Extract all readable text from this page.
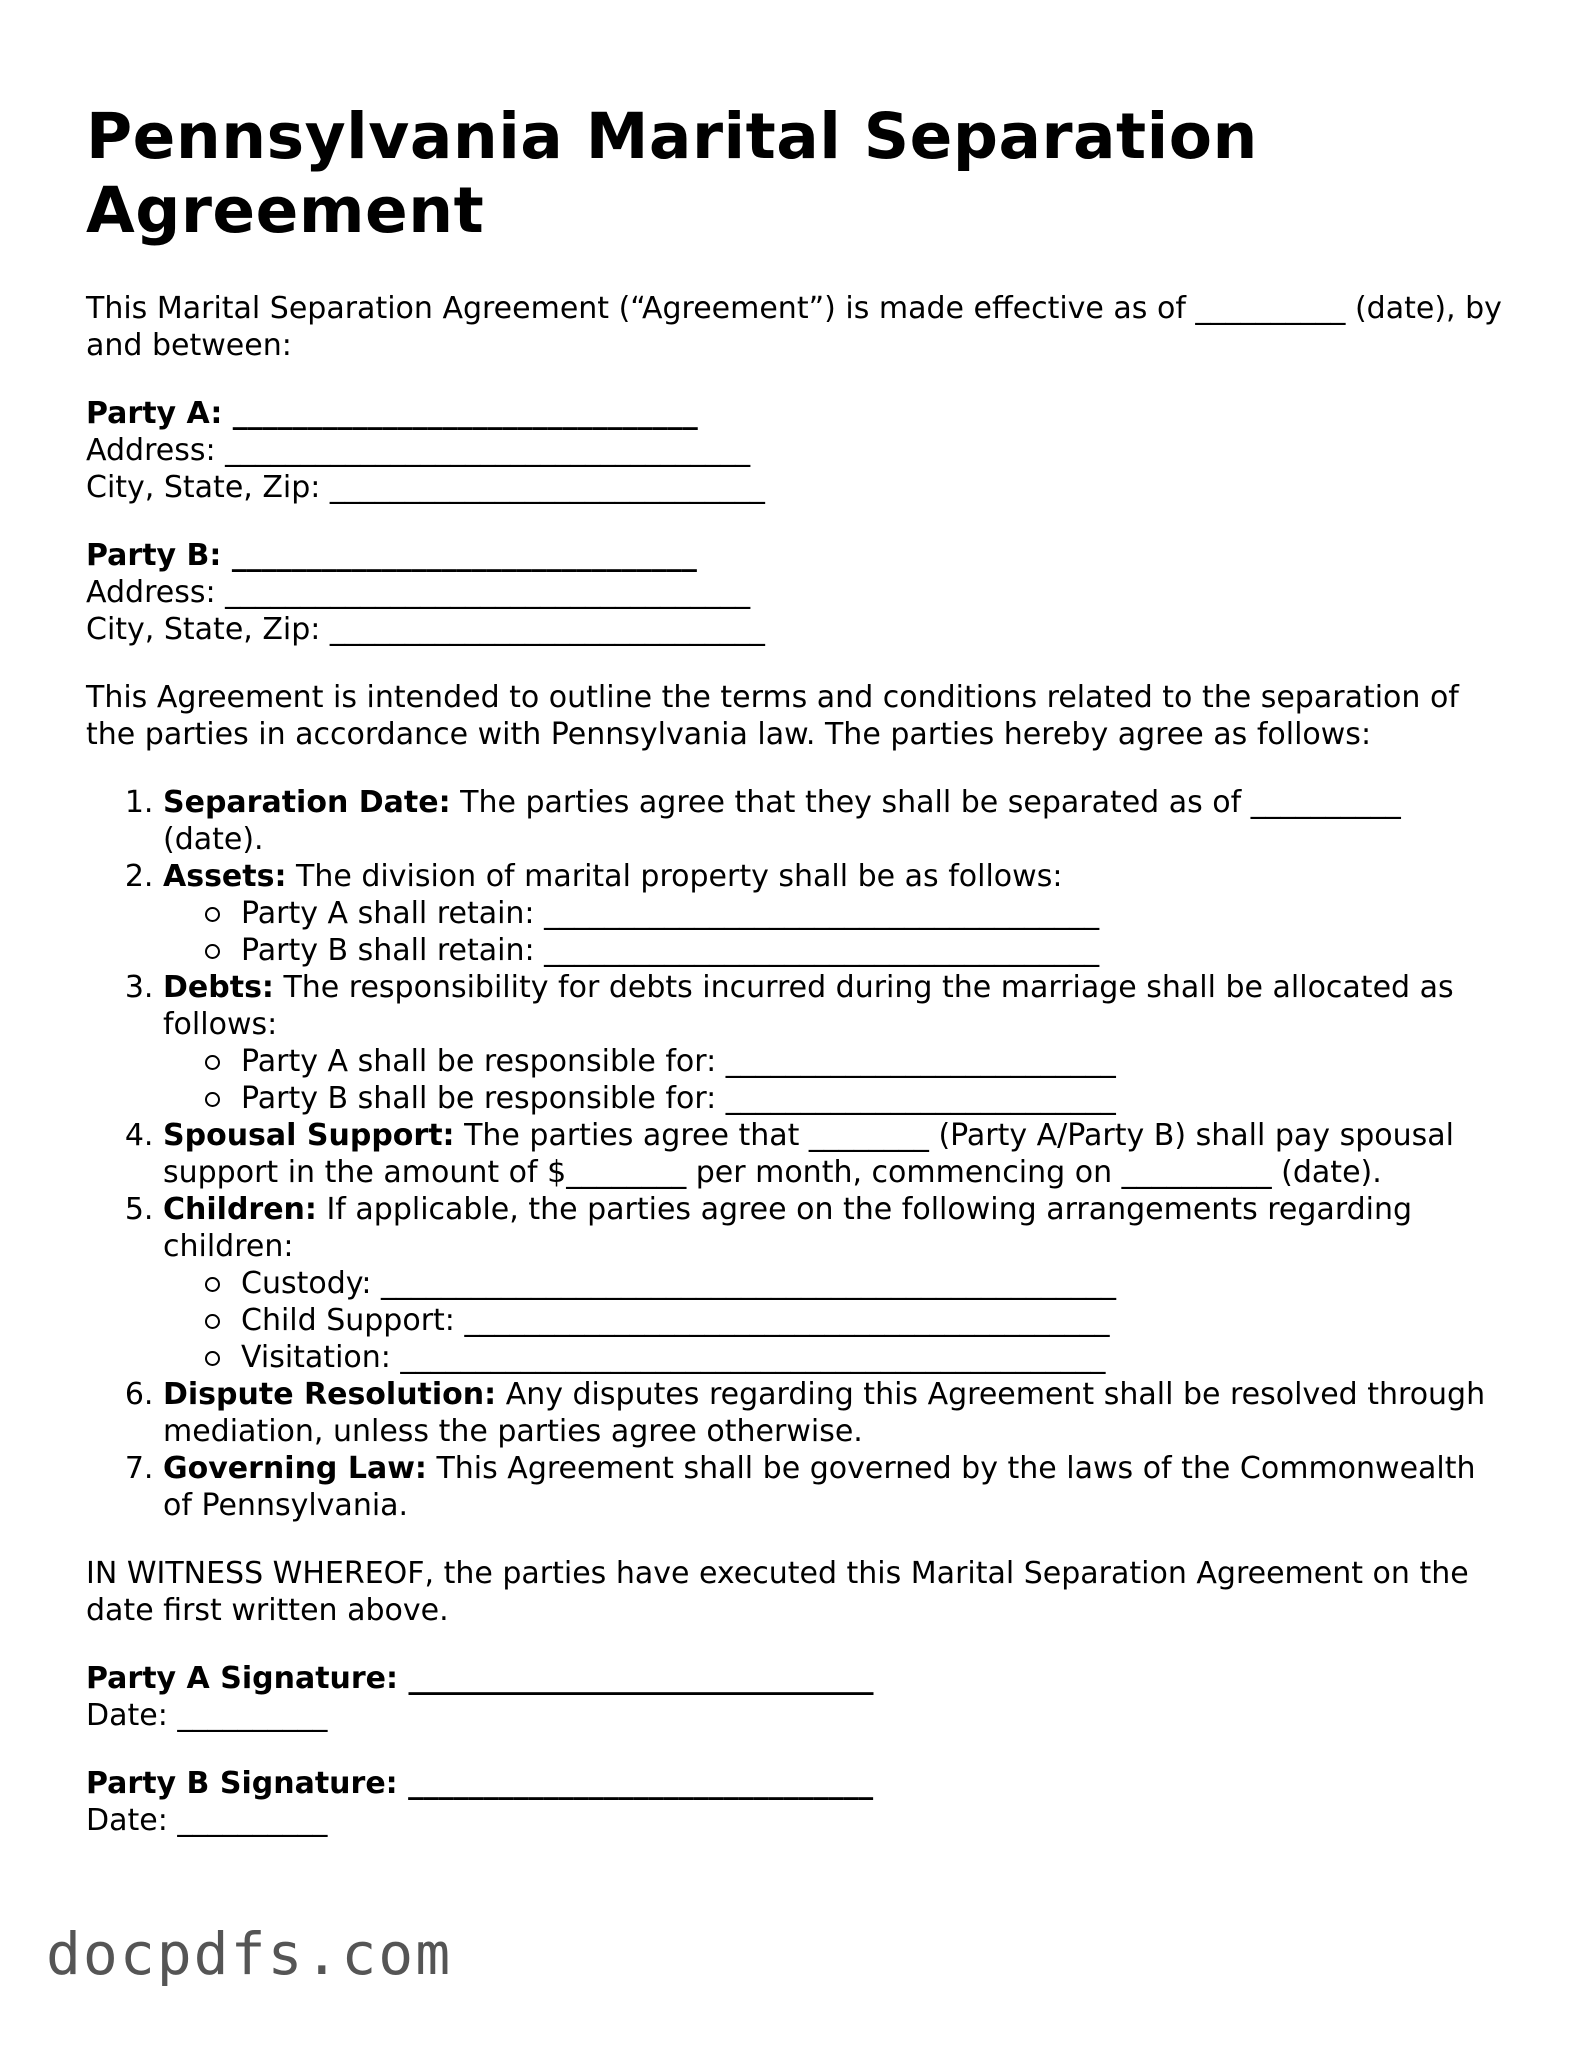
Pennsylvania Marital Separation Agreement

This Marital Separation Agreement (“Agreement”) is made effective as of __________ (date), by and between:

Party A: _______________________________
Address: ___________________________________
City, State, Zip: _____________________________
Party B: _______________________________
Address: ___________________________________
City, State, Zip: _____________________________

This Agreement is intended to outline the terms and conditions related to the separation of the parties in accordance with Pennsylvania law. The parties hereby agree as follows:

1. Separation Date: The parties agree that they shall be separated as of __________ (date).
2. Assets: The division of marital property shall be as follows:
Party A shall retain: _____________________________________
Party B shall retain: _____________________________________
3. Debts: The responsibility for debts incurred during the marriage shall be allocated as follows:
Party A shall be responsible for: __________________________
Party B shall be responsible for: __________________________
4. Spousal Support: The parties agree that ________ (Party A/Party B) shall pay spousal support in the amount of $________ per month, commencing on __________ (date).
5. Children: If applicable, the parties agree on the following arrangements regarding children:
Custody: _________________________________________________
Child Support: ___________________________________________
Visitation: _______________________________________________
6. Dispute Resolution: Any disputes regarding this Agreement shall be resolved through mediation, unless the parties agree otherwise.
7. Governing Law: This Agreement shall be governed by the laws of the Commonwealth of Pennsylvania.

IN WITNESS WHEREOF, the parties have executed this Marital Separation Agreement on the date first written above.

Party A Signature: _______________________________
Date: __________
Party B Signature: _______________________________
Date: __________
docpdfs.com
